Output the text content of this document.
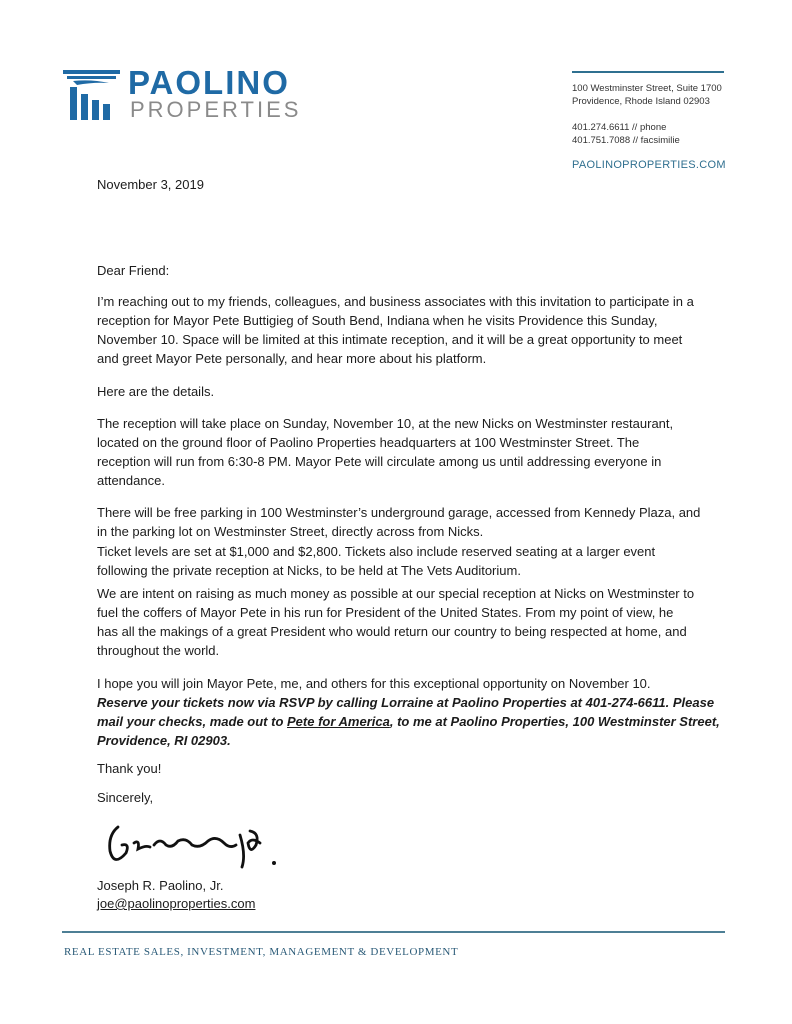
PAOLINO
PROPERTIES
100 Westminster Street, Suite 1700
Providence, Rhode Island 02903
401.274.6611 // phone
401.751.7088 // facsimilie
PAOLINOPROPERTIES.COM
November 3, 2019
Dear Friend:
I’m reaching out to my friends, colleagues, and business associates with this invitation to participate in a
reception for Mayor Pete Buttigieg of South Bend, Indiana when he visits Providence this Sunday,
November 10. Space will be limited at this intimate reception, and it will be a great opportunity to meet
and greet Mayor Pete personally, and hear more about his platform.
Here are the details.
The reception will take place on Sunday, November 10, at the new Nicks on Westminster restaurant,
located on the ground floor of Paolino Properties headquarters at 100 Westminster Street. The
reception will run from 6:30-8 PM. Mayor Pete will circulate among us until addressing everyone in
attendance.
There will be free parking in 100 Westminster’s underground garage, accessed from Kennedy Plaza, and
in the parking lot on Westminster Street, directly across from Nicks.
Ticket levels are set at $1,000 and $2,800. Tickets also include reserved seating at a larger event
following the private reception at Nicks, to be held at The Vets Auditorium.
We are intent on raising as much money as possible at our special reception at Nicks on Westminster to
fuel the coffers of Mayor Pete in his run for President of the United States. From my point of view, he
has all the makings of a great President who would return our country to being respected at home, and
throughout the world.
I hope you will join Mayor Pete, me, and others for this exceptional opportunity on November 10.
Reserve your tickets now via RSVP by calling Lorraine at Paolino Properties at 401-274-6611. Please
mail your checks, made out to Pete for America, to me at Paolino Properties, 100 Westminster Street,
Providence, RI 02903.
Thank you!
Sincerely,
Joseph R. Paolino, Jr.
joe@paolinoproperties.com
REAL ESTATE SALES, INVESTMENT, MANAGEMENT & DEVELOPMENT
